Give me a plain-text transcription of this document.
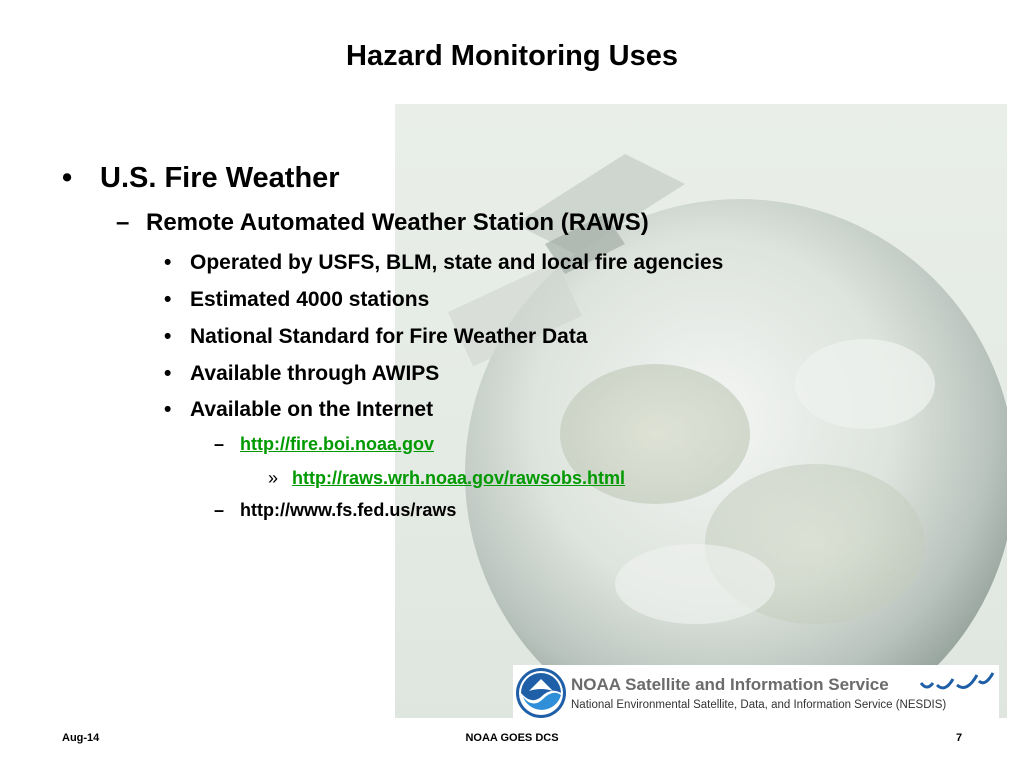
Hazard Monitoring Uses
• U.S. Fire Weather
– Remote Automated Weather Station (RAWS)
• Operated by USFS, BLM, state and local fire agencies
• Estimated 4000 stations
• National Standard for Fire Weather Data
• Available through AWIPS
• Available on the Internet
– http://fire.boi.noaa.gov
» http://raws.wrh.noaa.gov/rawsobs.html
– http://www.fs.fed.us/raws
NOAA Satellite and Information Service
National Environmental Satellite, Data, and Information Service (NESDIS)
Aug-14	NOAA GOES DCS	7
